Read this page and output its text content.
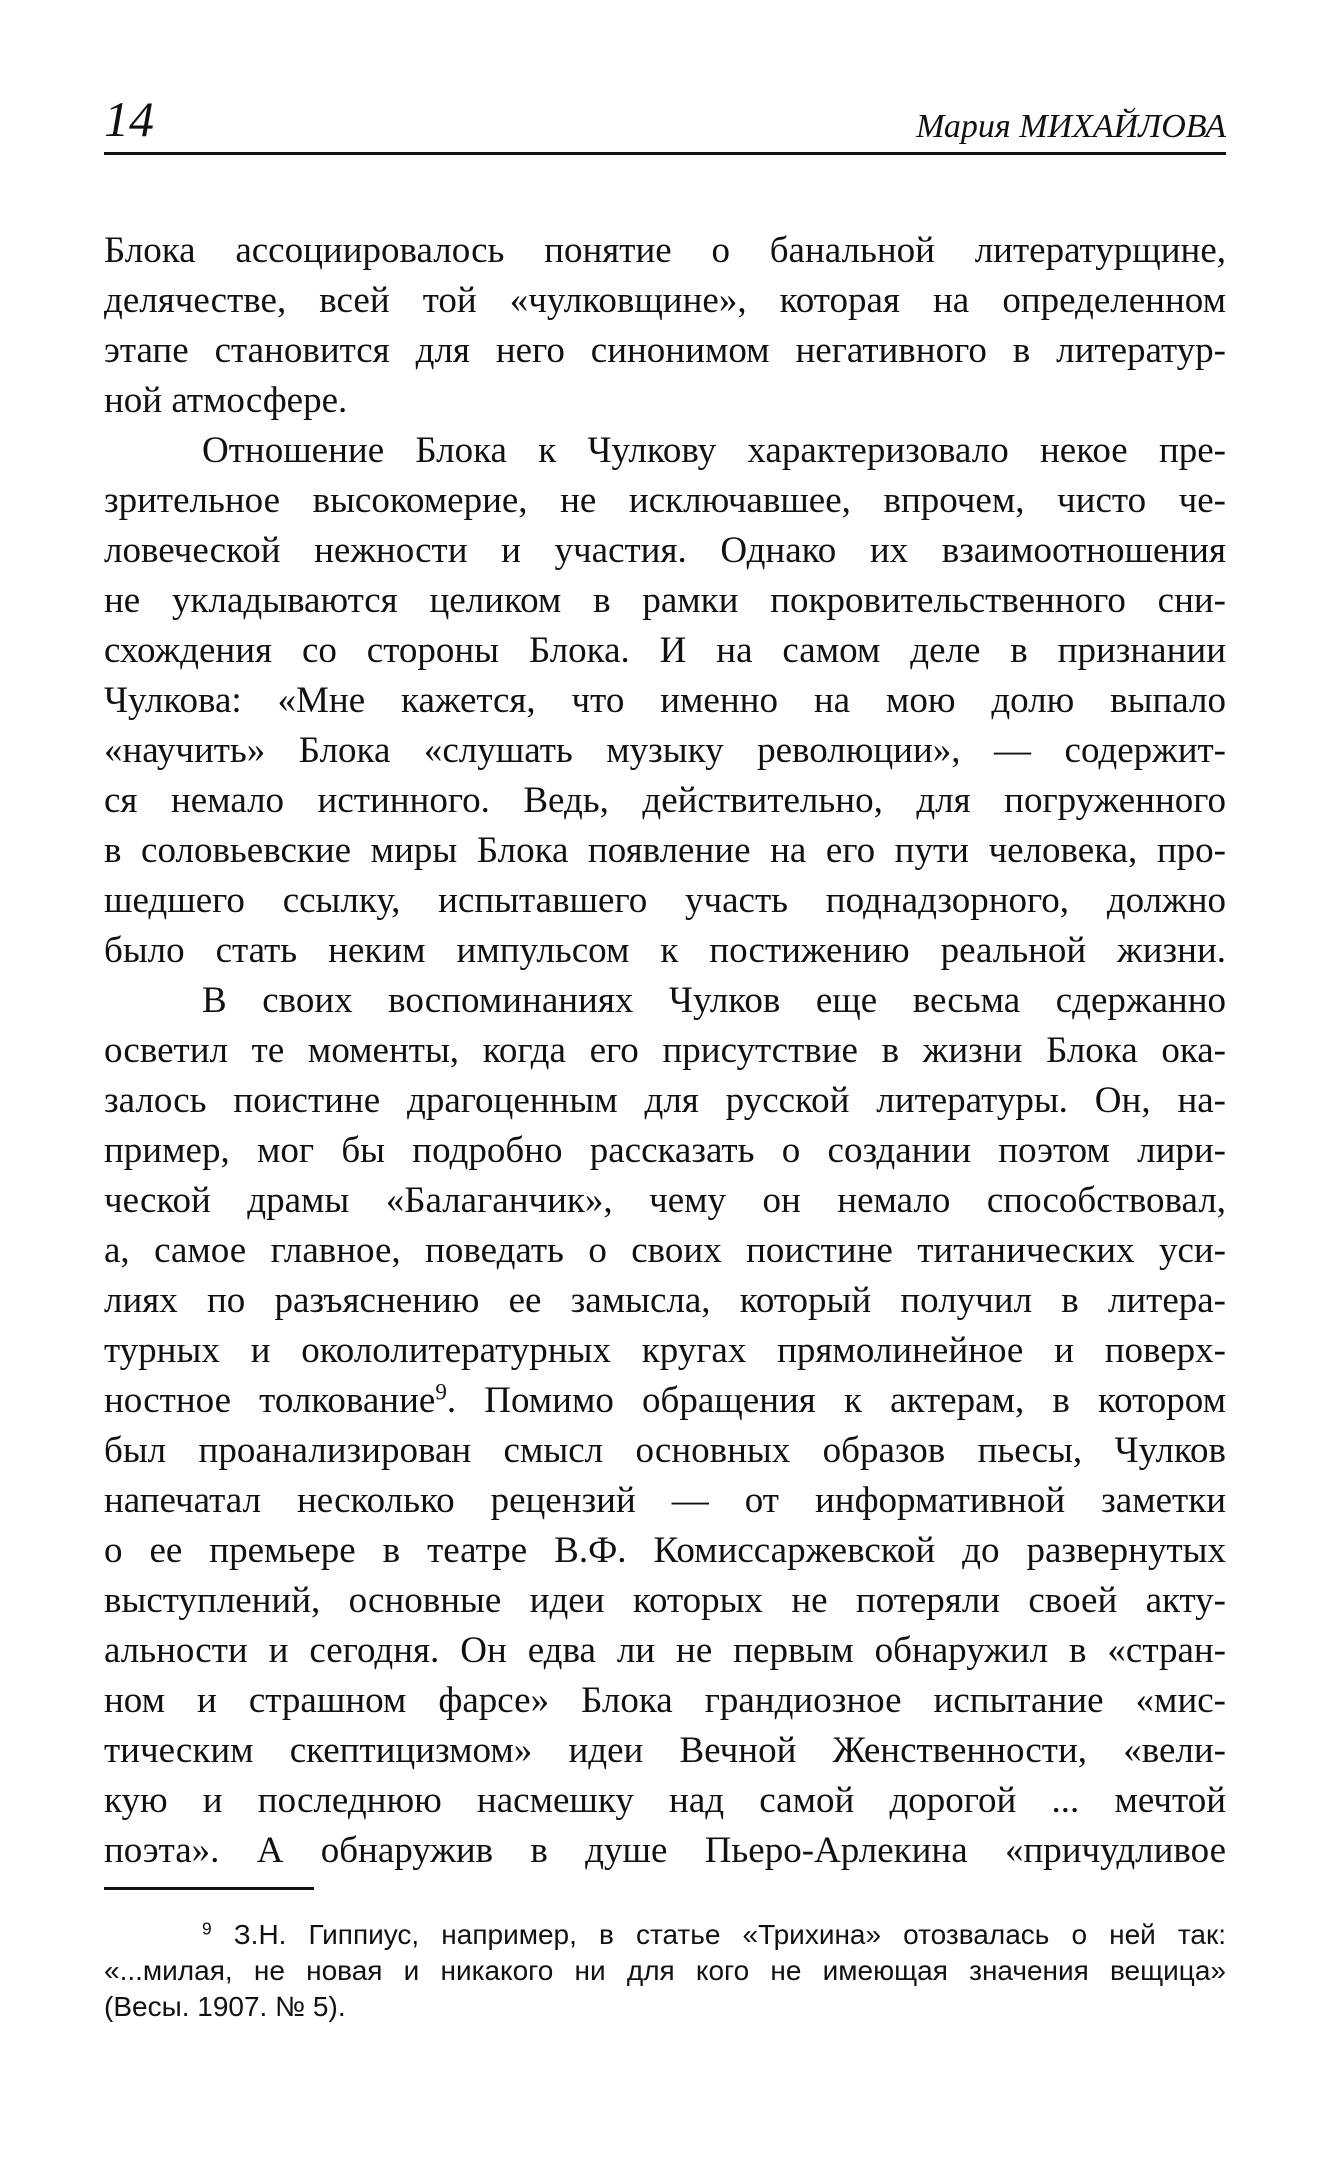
14	Мария МИХАЙЛОВА
Блока ассоциировалось понятие о банальной литературщине,
делячестве, всей той «чулковщине», которая на определенном
этапе становится для него синонимом негативного в литератур-
ной атмосфере.
Отношение Блока к Чулкову характеризовало некое пре-
зрительное высокомерие, не исключавшее, впрочем, чисто че-
ловеческой нежности и участия. Однако их взаимоотношения
не укладываются целиком в рамки покровительственного сни-
схождения со стороны Блока. И на самом деле в признании
Чулкова: «Мне кажется, что именно на мою долю выпало
«научить» Блока «слушать музыку революции», — содержит-
ся немало истинного. Ведь, действительно, для погруженного
в соловьевские миры Блока появление на его пути человека, про-
шедшего ссылку, испытавшего участь поднадзорного, должно
было стать неким импульсом к постижению реальной жизни.
В своих воспоминаниях Чулков еще весьма сдержанно
осветил те моменты, когда его присутствие в жизни Блока ока-
залось поистине драгоценным для русской литературы. Он, на-
пример, мог бы подробно рассказать о создании поэтом лири-
ческой драмы «Балаганчик», чему он немало способствовал,
а, самое главное, поведать о своих поистине титанических уси-
лиях по разъяснению ее замысла, который получил в литера-
турных и окололитературных кругах прямолинейное и поверх-
ностное толкование$^9$. Помимо обращения к актерам, в котором
был проанализирован смысл основных образов пьесы, Чулков
напечатал несколько рецензий — от информативной заметки
о ее премьере в театре В.Ф. Комиссаржевской до развернутых
выступлений, основные идеи которых не потеряли своей акту-
альности и сегодня. Он едва ли не первым обнаружил в «стран-
ном и страшном фарсе» Блока грандиозное испытание «мис-
тическим скептицизмом» идеи Вечной Женственности, «вели-
кую и последнюю насмешку над самой дорогой ... мечтой
поэта». А обнаружив в душе Пьеро-Арлекина «причудливое
$^9$ З.Н. Гиппиус, например, в статье «Трихина» отозвалась о ней так:
«...милая, не новая и никакого ни для кого не имеющая значения вещица»
(Весы. 1907. № 5).
